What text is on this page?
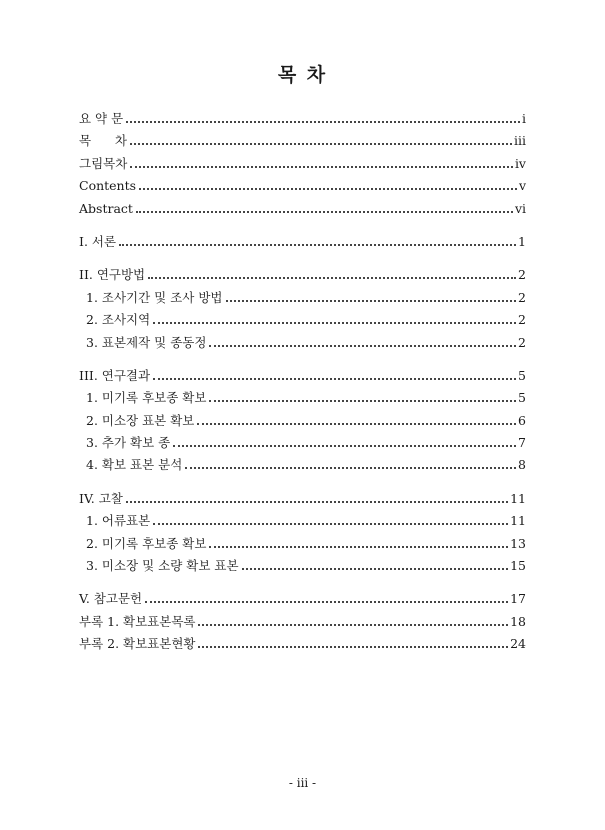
목 차
요 약 문	i
목      차	iii
그림목차	iv
Contents	v
Abstract	vi
I. 서론	1
II. 연구방법	2
1. 조사기간 및 조사 방법	2
2. 조사지역	2
3. 표본제작 및 종동정	2
III. 연구결과	5
1. 미기록 후보종 확보	5
2. 미소장 표본 확보	6
3. 추가 확보 종	7
4. 확보 표본 분석	8
IV. 고찰	11
1. 어류표본	11
2. 미기록 후보종 확보	13
3. 미소장 및 소량 확보 표본	15
V. 참고문헌	17
부록 1. 확보표본목록	18
부록 2. 확보표본현황	24
- iii -
